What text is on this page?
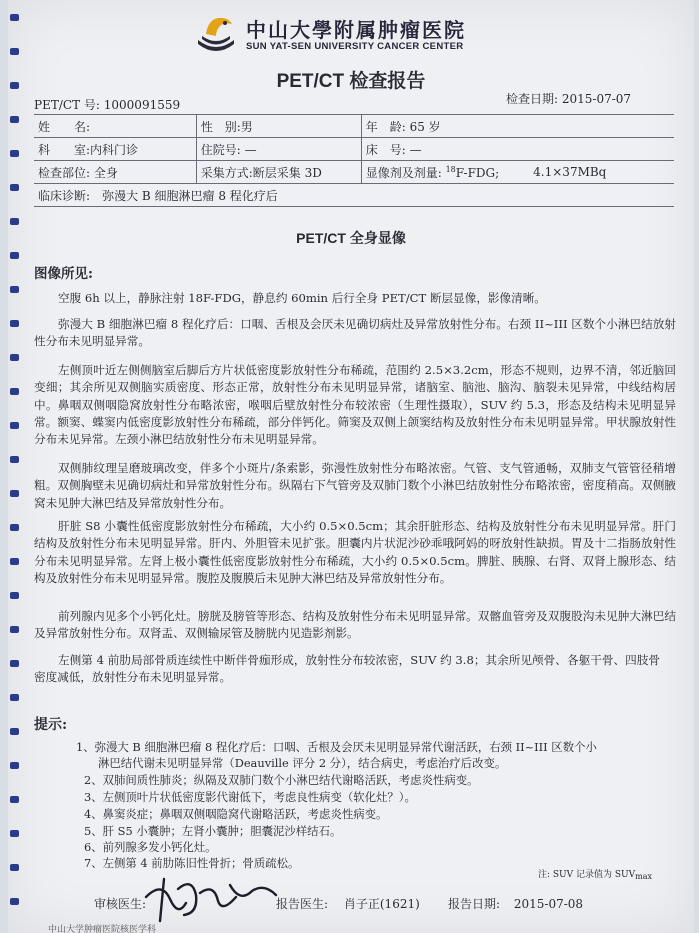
中山大學附属肿瘤医院
SUN YAT-SEN UNIVERSITY CANCER CENTER
PET/CT 检查报告
PET/CT 号: 1000091559	检查日期: 2015-07-07
姓　　名:	性　别:男	年　龄: 65 岁	
科　　室:内科门诊	住院号: —	床　号: —	
检查部位: 全身	采集方式:断层采集 3D	显像剂及剂量: $^{18}$F-FDG;	4.1×37MBq
临床诊断:　 弥漫大 B 细胞淋巴瘤 8 程化疗后			
PET/CT 全身显像
图像所见:
空腹 6h 以上，静脉注射 18F-FDG，静息约 60min 后行全身 PET/CT 断层显像，影像清晰。
弥漫大 B 细胞淋巴瘤 8 程化疗后：口咽、舌根及会厌未见确切病灶及异常放射性分布。右颈 II~III 区数个小淋巴结放射性分布未见明显异常。
左侧顶叶近左侧侧脑室后脚后方片状低密度影放射性分布稀疏，范围约 2.5×3.2cm，形态不规则，边界不清，邻近脑回变细；其余所见双侧脑实质密度、形态正常，放射性分布未见明显异常，诸脑室、脑池、脑沟、脑裂未见异常，中线结构居中。鼻咽双侧咽隐窝放射性分布略浓密，喉咽后壁放射性分布较浓密（生理性摄取），SUV 约 5.3，形态及结构未见明显异常。额窦、蝶窦内低密度影放射性分布稀疏，部分伴钙化。筛窦及双侧上颌窦结构及放射性分布未见明显异常。甲状腺放射性分布未见异常。左颈小淋巴结放射性分布未见明显异常。
双侧肺纹理呈磨玻璃改变，伴多个小斑片/条索影，弥漫性放射性分布略浓密。气管、支气管通畅，双肺支气管管径稍增粗。双侧胸壁未见确切病灶和异常放射性分布。纵隔右下气管旁及双肺门数个小淋巴结放射性分布略浓密，密度稍高。双侧腋窝未见肿大淋巴结及异常放射性分布。
肝脏 S8 小囊性低密度影放射性分布稀疏，大小约 0.5×0.5cm；其余肝脏形态、结构及放射性分布未见明显异常。肝门结构及放射性分布未见明显异常。肝内、外胆管未见扩张。胆囊内片状泥沙砂乖哦阿妈的呀放射性缺损。胃及十二指肠放射性分布未见明显异常。左肾上极小囊性低密度影放射性分布稀疏，大小约 0.5×0.5cm。脾脏、胰腺、右肾、双肾上腺形态、结构及放射性分布未见明显异常。腹腔及腹膜后未见肿大淋巴结及异常放射性分布。
前列腺内见多个小钙化灶。膀胱及膀管等形态、结构及放射性分布未见明显异常。双髂血管旁及双腹股沟未见肿大淋巴结及异常放射性分布。双肾盂、双侧输尿管及膀胱内见造影剂影。
左侧第 4 前肋局部骨质连续性中断伴骨痂形成，放射性分布较浓密，SUV 约 3.8；其余所见颅骨、各躯干骨、四肢骨密度减低，放射性分布未见明显异常。
提示:
1、弥漫大 B 细胞淋巴瘤 8 程化疗后：口咽、舌根及会厌未见明显异常代谢活跃，右颈 II~III 区数个小
淋巴结代谢未见明显异常（Deauville 评分 2 分），结合病史，考虑治疗后改变。
2、双肺间质性肺炎；纵隔及双肺门数个小淋巴结代谢略活跃，考虑炎性病变。
3、左侧顶叶片状低密度影代谢低下，考虑良性病变（软化灶？）。
4、鼻窦炎症；鼻咽双侧咽隐窝代谢略活跃，考虑炎性病变。
5、肝 S5 小囊肿；左肾小囊肿；胆囊泥沙样结石。
6、前列腺多发小钙化灶。
7、左侧第 4 前肋陈旧性骨折；骨质疏松。
注: SUV 记录值为 SUVmax
审核医生:	报告医生: 肖子正(1621) 报告日期: 2015-07-08
中山大学肿瘤医院核医学科
